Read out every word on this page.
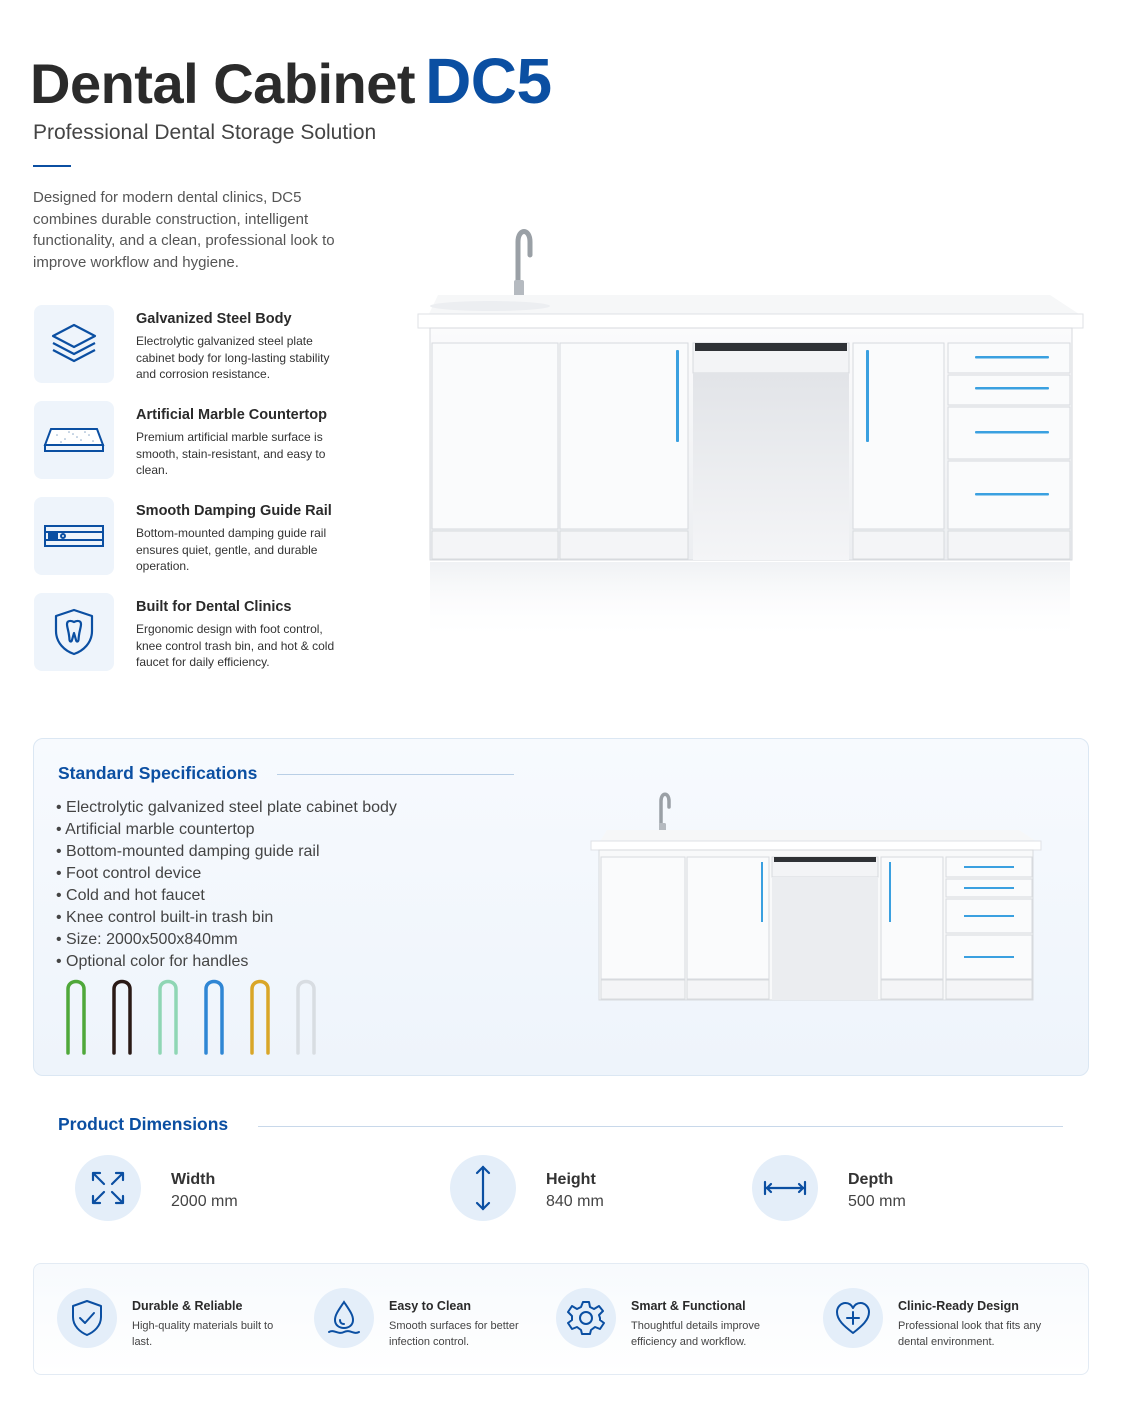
Dental Cabinet DC5
Professional Dental Storage Solution

Designed for modern dental clinics, DC5 combines durable construction, intelligent functionality, and a clean, professional look to improve workflow and hygiene.

Galvanized Steel Body
Electrolytic galvanized steel plate cabinet body for long-lasting stability and corrosion resistance.
Artificial Marble Countertop
Premium artificial marble surface is smooth, stain-resistant, and easy to clean.
Smooth Damping Guide Rail
Bottom-mounted damping guide rail ensures quiet, gentle, and durable operation.
Built for Dental Clinics
Ergonomic design with foot control, knee control trash bin, and hot & cold faucet for daily efficiency.
Standard Specifications
• Electrolytic galvanized steel plate cabinet body
• Artificial marble countertop
• Bottom-mounted damping guide rail
• Foot control device
• Cold and hot faucet
• Knee control built-in trash bin
• Size: 2000x500x840mm
• Optional color for handles
Product Dimensions
Width
2000 mm
Height
840 mm
Depth
500 mm
Durable & Reliable
High-quality materials built to last.
Easy to Clean
Smooth surfaces for better infection control.
Smart & Functional
Thoughtful details improve efficiency and workflow.
Clinic-Ready Design
Professional look that fits any dental environment.
